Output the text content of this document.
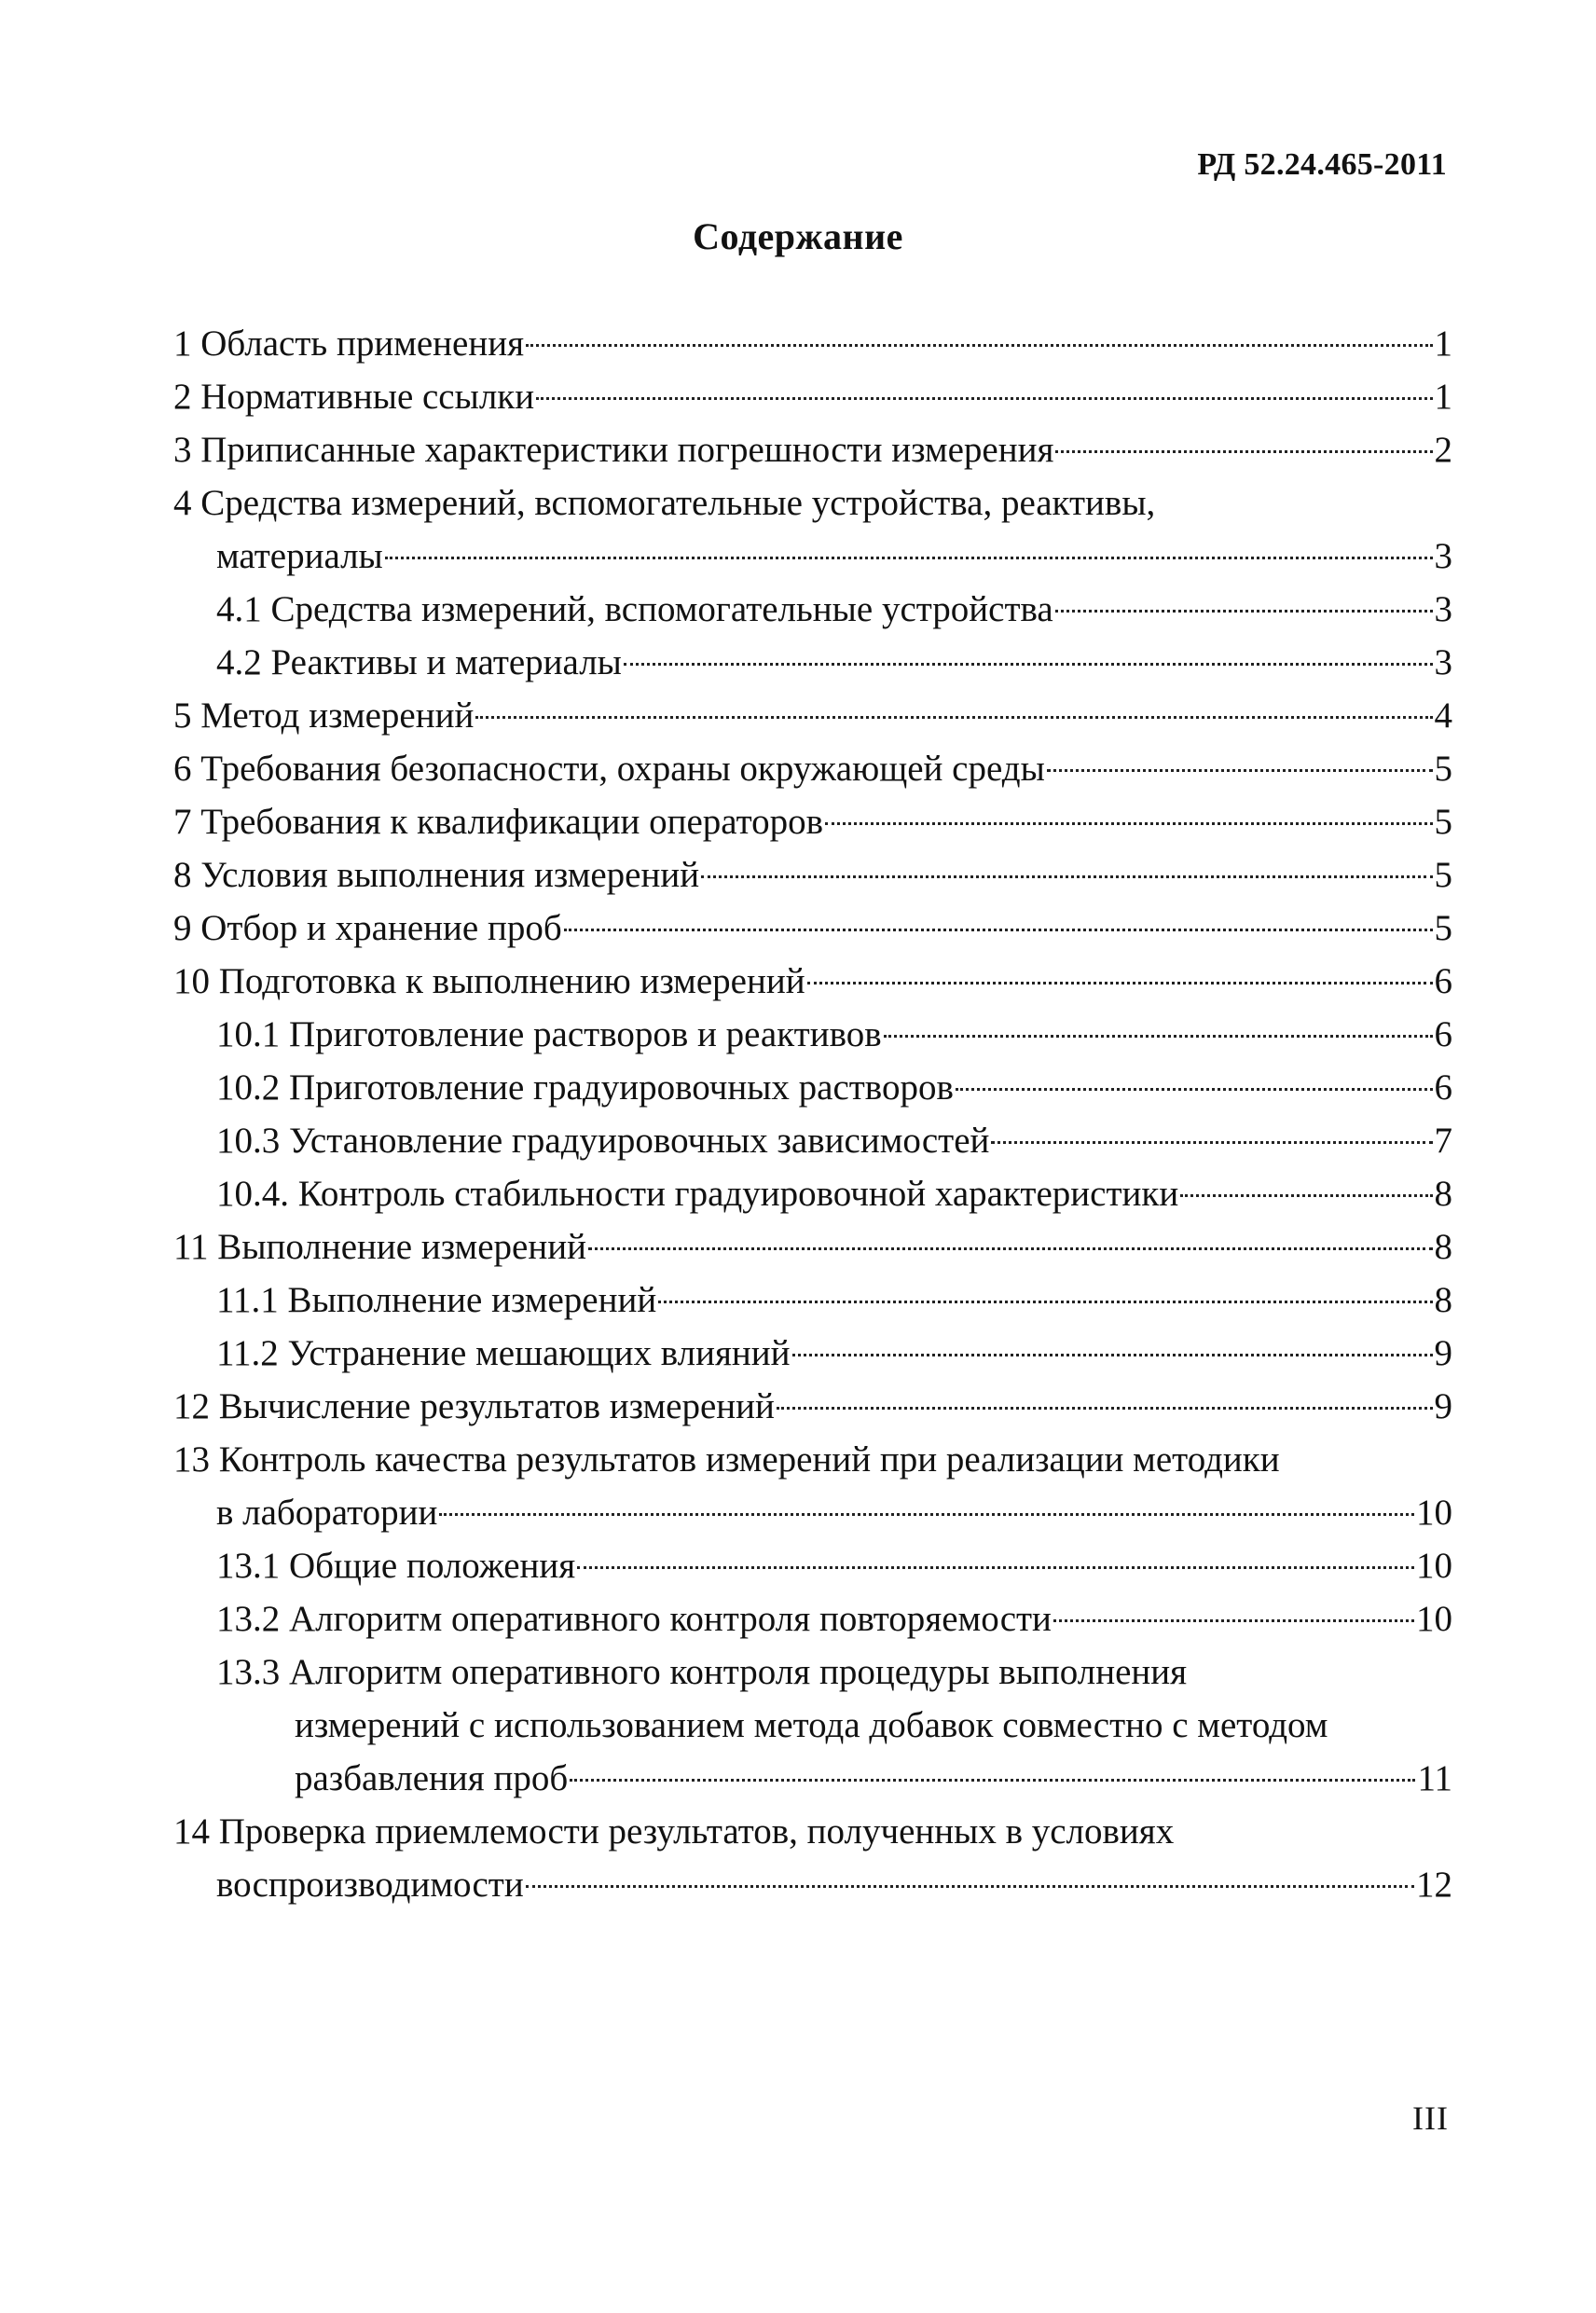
РД 52.24.465-2011
Содержание
1 Область применения	1
2 Нормативные ссылки	1
3 Приписанные характеристики погрешности измерения	2
4 Средства измерений, вспомогательные устройства, реактивы,
материалы	3
4.1 Средства измерений, вспомогательные устройства	3
4.2 Реактивы и материалы	3
5 Метод измерений	4
6 Требования безопасности, охраны окружающей среды	5
7 Требования к квалификации операторов	5
8 Условия выполнения измерений	5
9 Отбор и хранение проб	5
10 Подготовка к выполнению измерений	6
10.1 Приготовление растворов и реактивов	6
10.2 Приготовление градуировочных растворов	6
10.3 Установление градуировочных зависимостей	7
10.4. Контроль стабильности градуировочной характеристики	8
11 Выполнение измерений	8
11.1 Выполнение измерений	8
11.2 Устранение мешающих влияний	9
12 Вычисление результатов измерений	9
13 Контроль качества результатов измерений при реализации методики
в лаборатории	10
13.1 Общие положения	10
13.2 Алгоритм оперативного контроля повторяемости	10
13.3 Алгоритм оперативного контроля процедуры выполнения
измерений с использованием метода добавок совместно с методом
разбавления проб	11
14 Проверка приемлемости результатов, полученных в условиях
воспроизводимости	12
III
